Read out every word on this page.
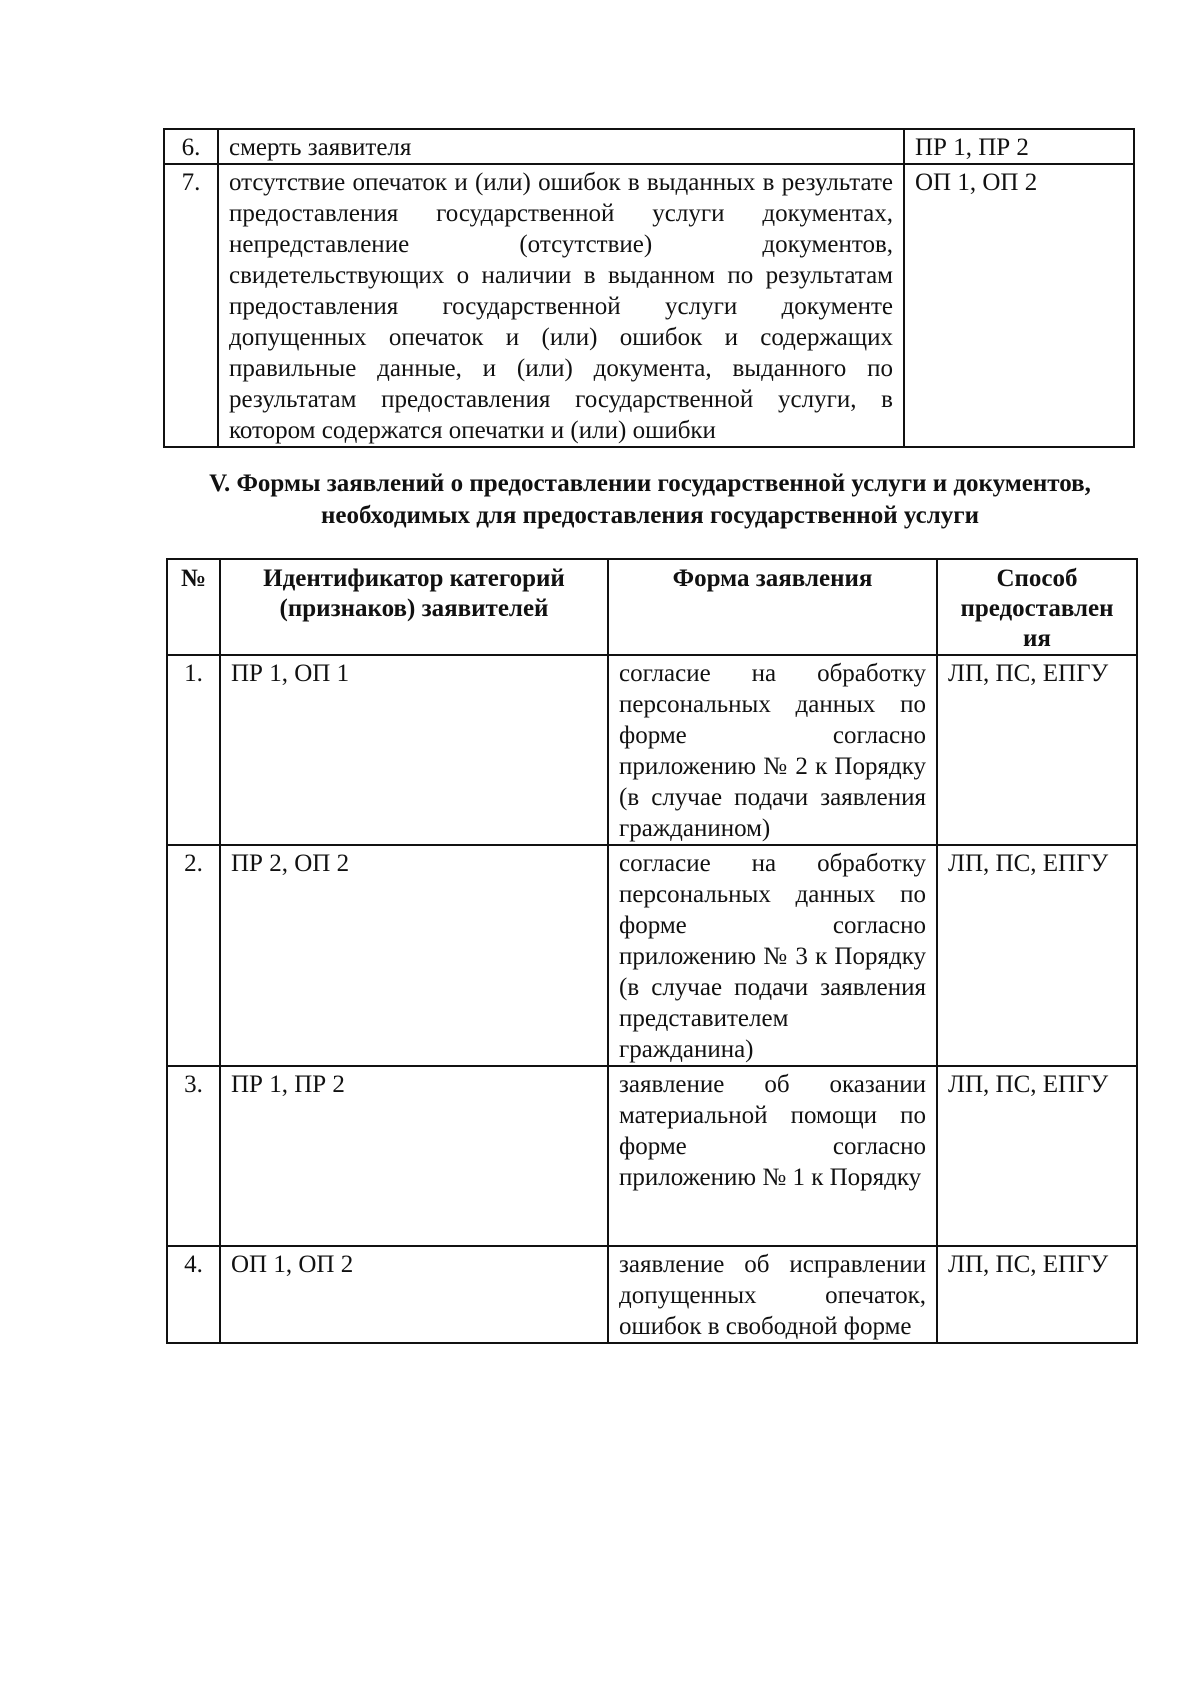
6.	смерть заявителя	ПР 1, ПР 2
7.	отсутствие опечаток и (или) ошибок в выданных в результате предоставления государственной услуги документах, непредставление (отсутствие) документов, свидетельствующих о наличии в выданном по результатам предоставления государственной услуги документе допущенных опечаток и (или) ошибок и содержащих правильные данные, и (или) документа, выданного по результатам предоставления государственной услуги, в котором содержатся опечатки и (или) ошибки	ОП 1, ОП 2
V. Формы заявлений о предоставлении государственной услуги и документов,
необходимых для предоставления государственной услуги
№	Идентификатор категорий (признаков) заявителей	Форма заявления	Способ предоставлен ия
1.	ПР 1, ОП 1	согласие на обработку персональных данных по форме согласно приложению № 2 к Порядку (в случае подачи заявления гражданином)	ЛП, ПС, ЕПГУ
2.	ПР 2, ОП 2	согласие на обработку персональных данных по форме согласно приложению № 3 к Порядку (в случае подачи заявления представителем гражданина)	ЛП, ПС, ЕПГУ
3.	ПР 1, ПР 2	заявление об оказании материальной помощи по форме согласно приложению № 1 к Порядку	ЛП, ПС, ЕПГУ
4.	ОП 1, ОП 2	заявление об исправлении допущенных опечаток, ошибок в свободной форме	ЛП, ПС, ЕПГУ
